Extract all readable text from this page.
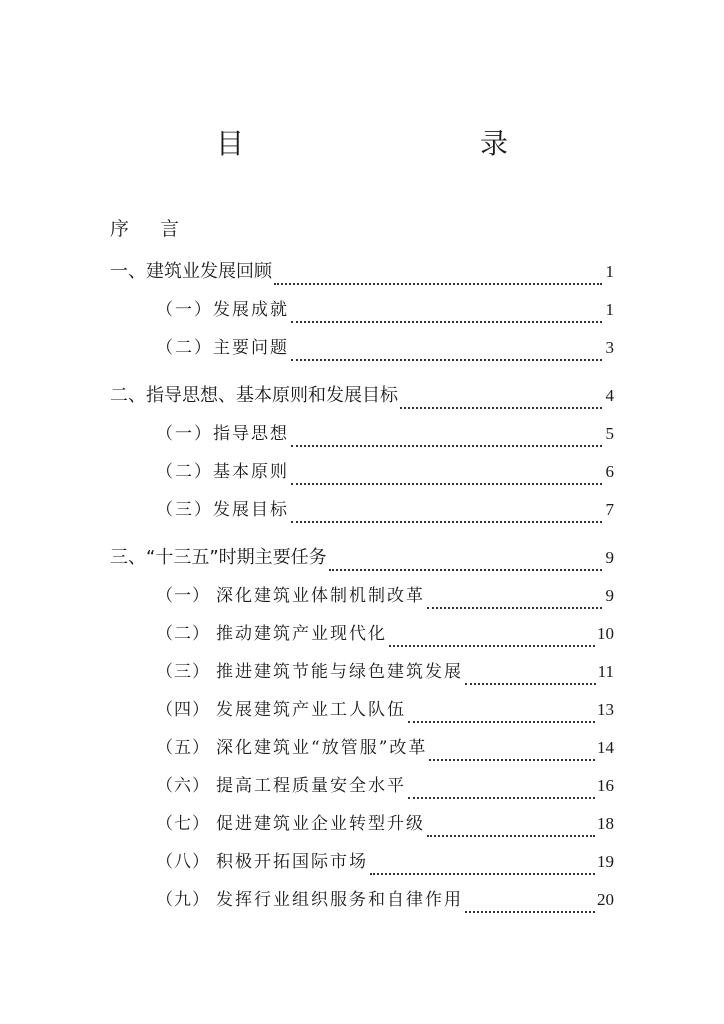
目　　录
序	言
一、建筑业发展回顾	1
（一）发展成就	1
（二）主要问题	3
二、指导思想、基本原则和发展目标	4
（一）指导思想	5
（二）基本原则	6
（三）发展目标	7
三、“十三五”时期主要任务	9
（一） 深化建筑业体制机制改革	9
（二） 推动建筑产业现代化	10
（三） 推进建筑节能与绿色建筑发展	11
（四） 发展建筑产业工人队伍	13
（五） 深化建筑业“放管服”改革	14
（六） 提高工程质量安全水平	16
（七） 促进建筑业企业转型升级	18
（八） 积极开拓国际市场	19
（九） 发挥行业组织服务和自律作用	20
